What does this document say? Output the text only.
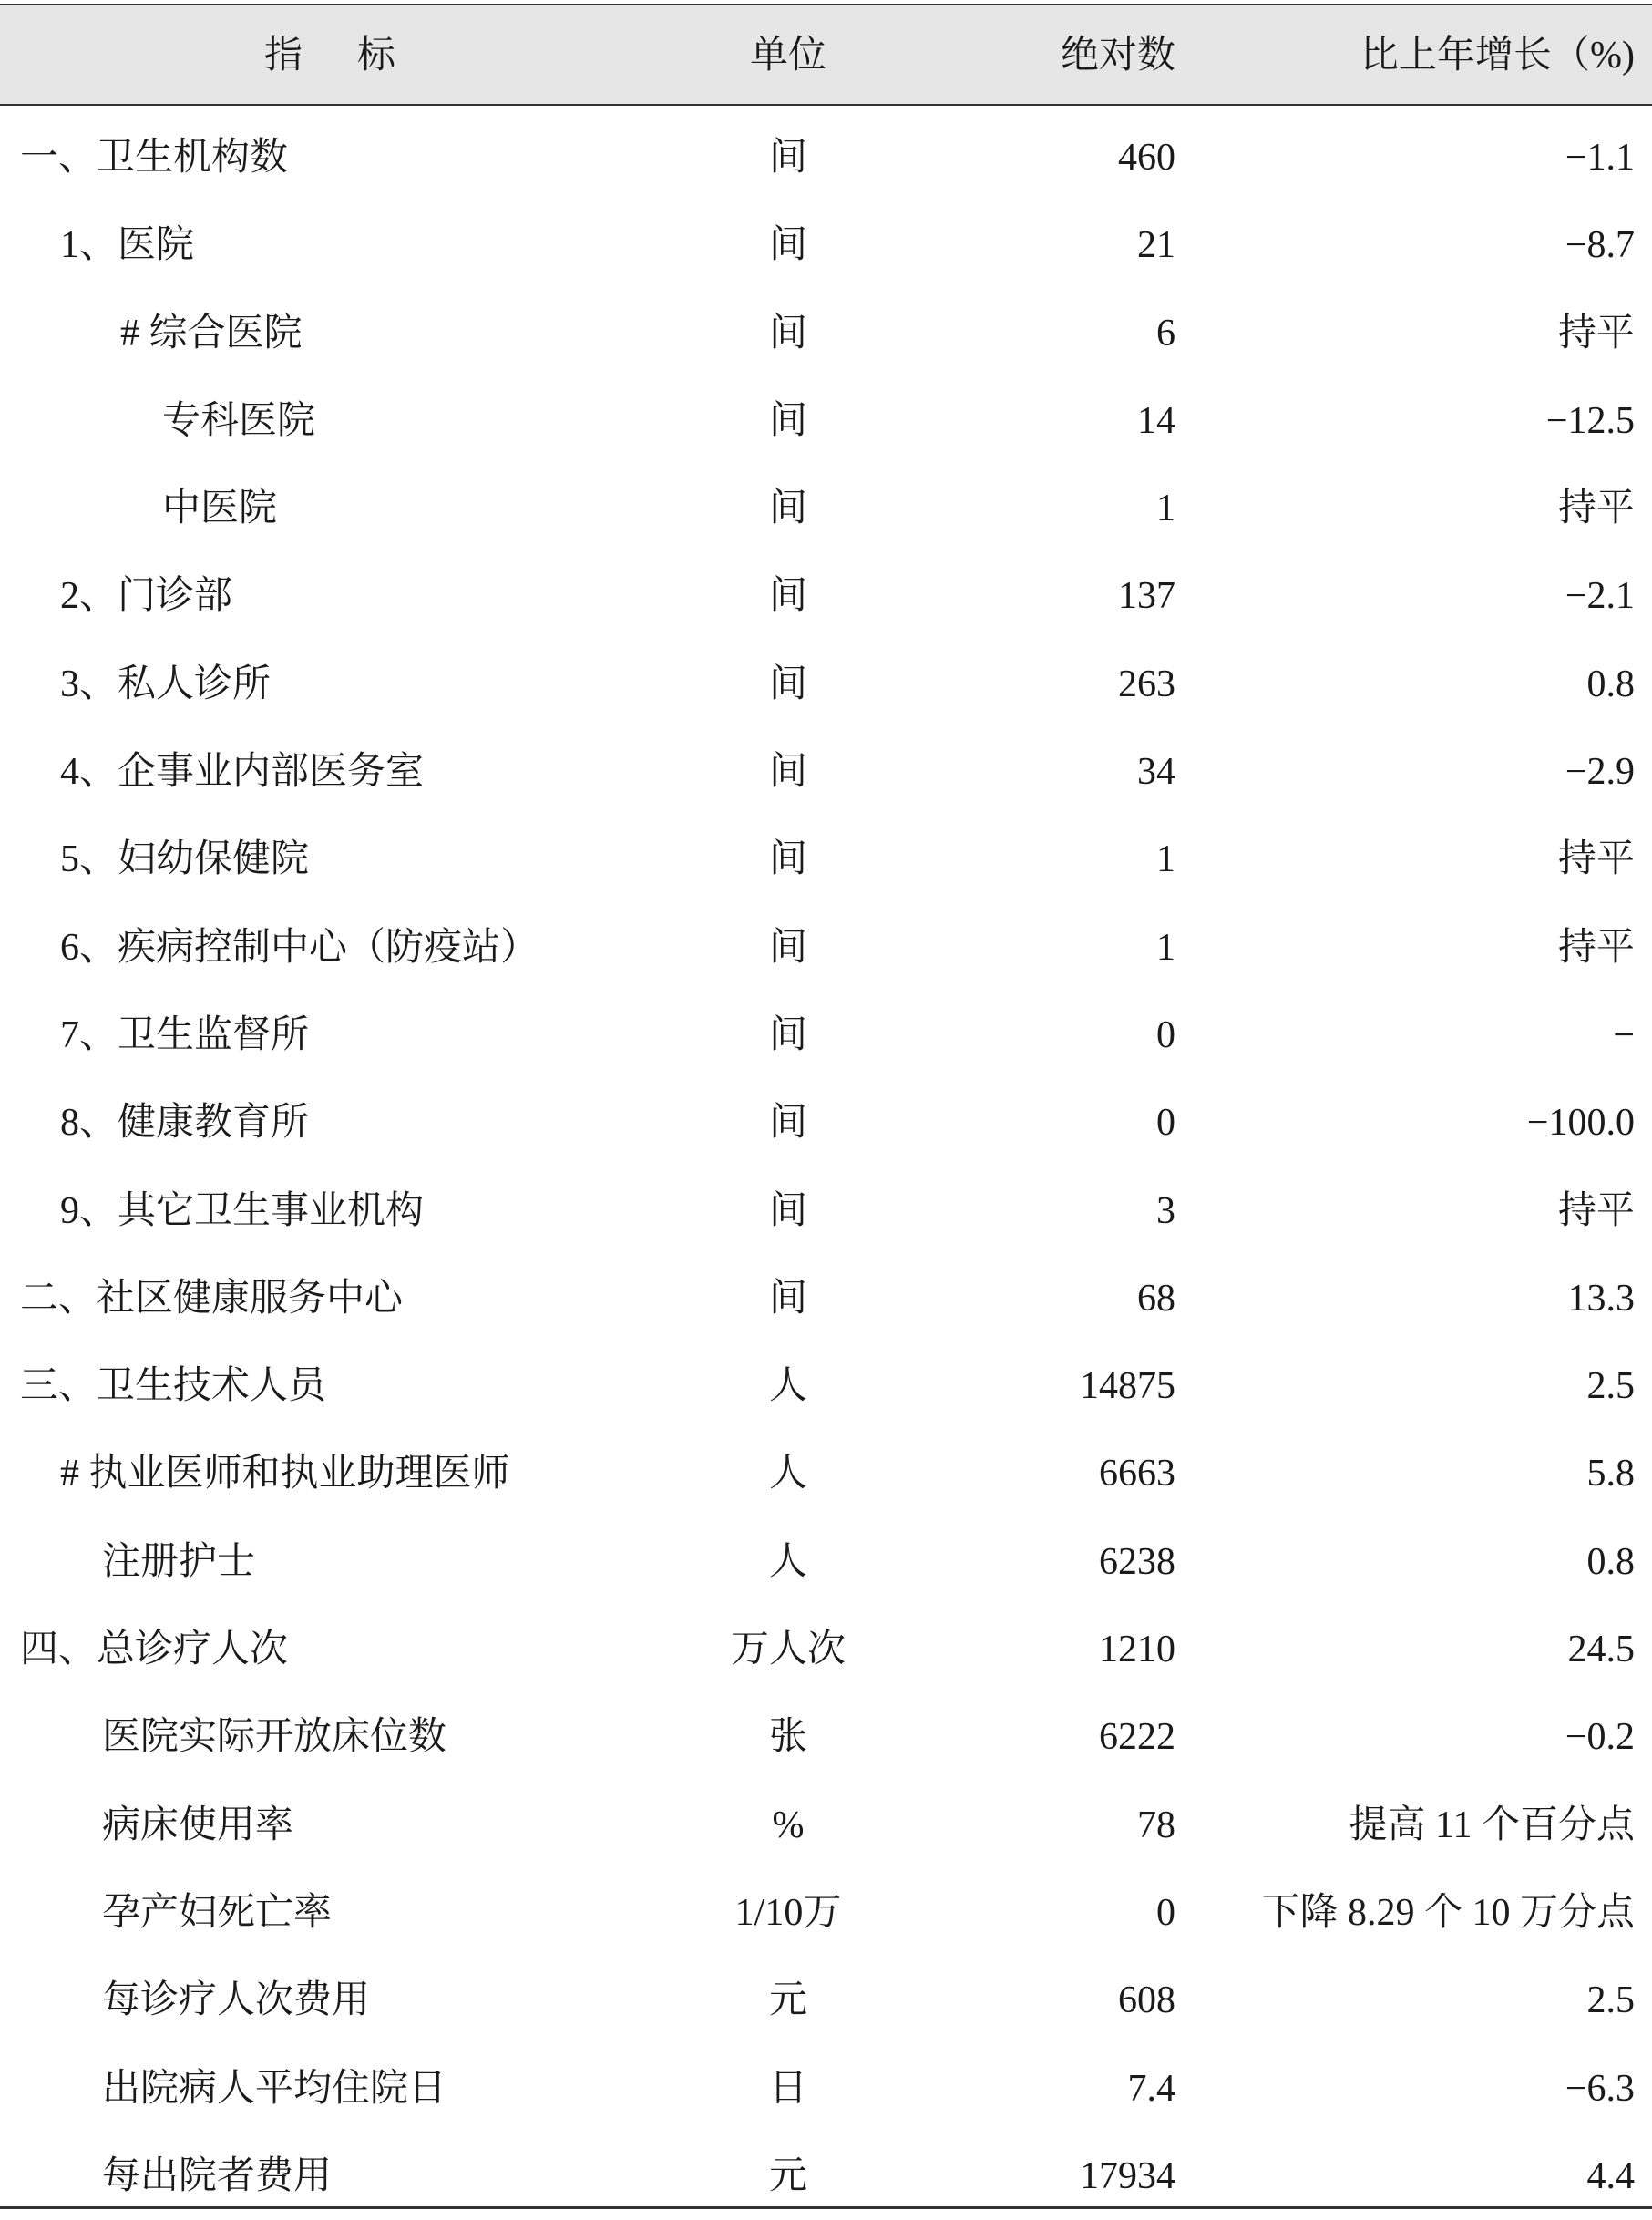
指标	单位	绝对数	比上年增长（%)
一、卫生机构数	间	460	−1.1
1、医院	间	21	−8.7
# 综合医院	间	6	持平
专科医院	间	14	−12.5
中医院	间	1	持平
2、门诊部	间	137	−2.1
3、私人诊所	间	263	0.8
4、企事业内部医务室	间	34	−2.9
5、妇幼保健院	间	1	持平
6、疾病控制中心（防疫站）	间	1	持平
7、卫生监督所	间	0	−
8、健康教育所	间	0	−100.0
9、其它卫生事业机构	间	3	持平
二、社区健康服务中心	间	68	13.3
三、卫生技术人员	人	14875	2.5
# 执业医师和执业助理医师	人	6663	5.8
注册护士	人	6238	0.8
四、总诊疗人次	万人次	1210	24.5
医院实际开放床位数	张	6222	−0.2
病床使用率	%	78	提高 11 个百分点
孕产妇死亡率	1/10万	0	下降 8.29 个 10 万分点
每诊疗人次费用	元	608	2.5
出院病人平均住院日	日	7.4	−6.3
每出院者费用	元	17934	4.4
